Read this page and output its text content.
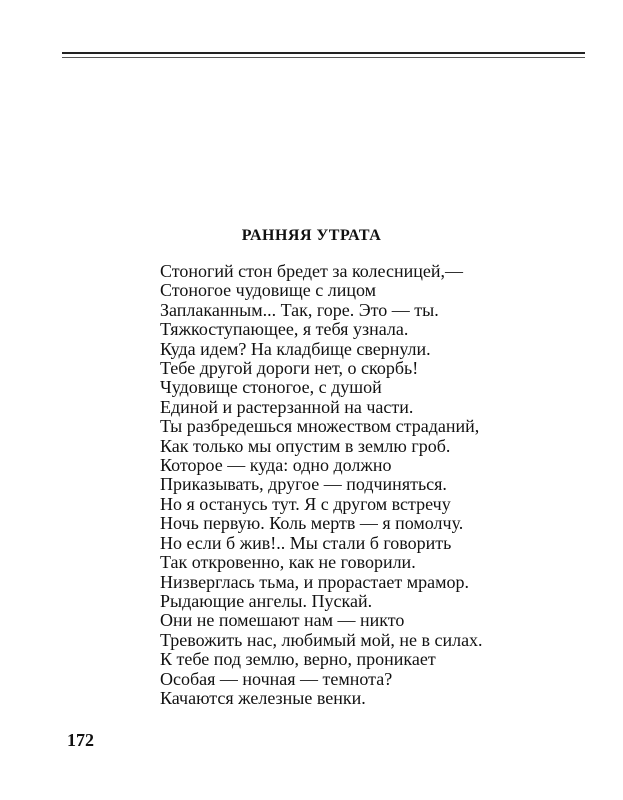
РАННЯЯ УТРАТА
Стоногий стон бредет за колесницей,—
Стоногое чудовище с лицом
Заплаканным... Так, горе. Это — ты.
Тяжкоступающее, я тебя узнала.
Куда идем? На кладбище свернули.
Тебе другой дороги нет, о скорбь!
Чудовище стоногое, с душой
Единой и растерзанной на части.
Ты разбредешься множеством страданий,
Как только мы опустим в землю гроб.
Которое — куда: одно должно
Приказывать, другое — подчиняться.
Но я останусь тут. Я с другом встречу
Ночь первую. Коль мертв — я помолчу.
Но если б жив!.. Мы стали б говорить
Так откровенно, как не говорили.
Низверглась тьма, и прорастает мрамор.
Рыдающие ангелы. Пускай.
Они не помешают нам — никто
Тревожить нас, любимый мой, не в силах.
К тебе под землю, верно, проникает
Особая — ночная — темнота?
Качаются железные венки.
172
